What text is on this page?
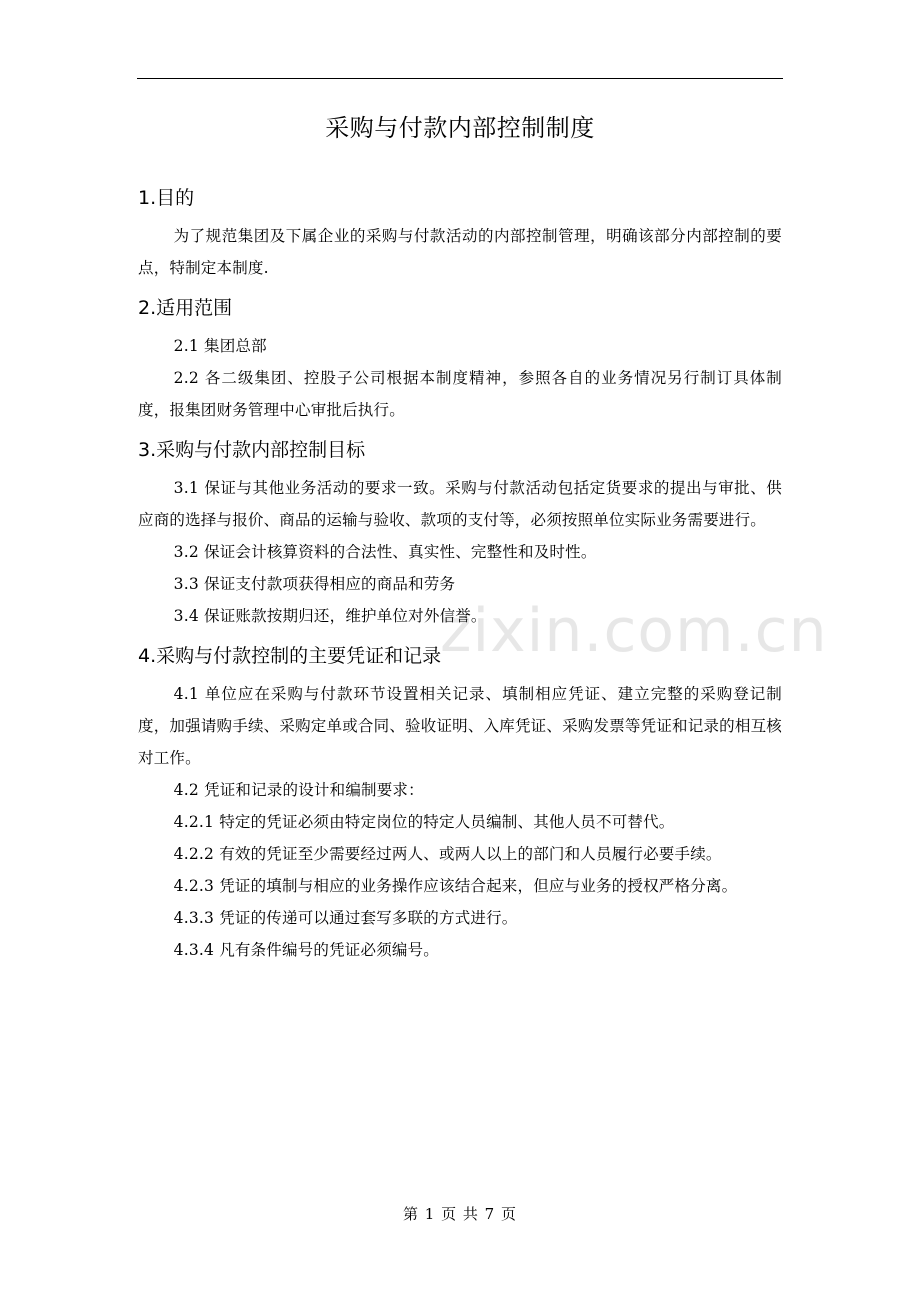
采购与付款内部控制制度
1.目的

为了规范集团及下属企业的采购与付款活动的内部控制管理，明确该部分内部控制的要点，特制定本制度.

2.适用范围

2.1 集团总部

2.2 各二级集团、控股子公司根据本制度精神，参照各自的业务情况另行制订具体制度，报集团财务管理中心审批后执行。

3.采购与付款内部控制目标

3.1 保证与其他业务活动的要求一致。采购与付款活动包括定货要求的提出与审批、供应商的选择与报价、商品的运输与验收、款项的支付等，必须按照单位实际业务需要进行。

3.2 保证会计核算资料的合法性、真实性、完整性和及时性。

3.3 保证支付款项获得相应的商品和劳务

3.4 保证账款按期归还，维护单位对外信誉。

4.采购与付款控制的主要凭证和记录

4.1 单位应在采购与付款环节设置相关记录、填制相应凭证、建立完整的采购登记制度，加强请购手续、采购定单或合同、验收证明、入库凭证、采购发票等凭证和记录的相互核对工作。

4.2 凭证和记录的设计和编制要求：

4.2.1 特定的凭证必须由特定岗位的特定人员编制、其他人员不可替代。

4.2.2 有效的凭证至少需要经过两人、或两人以上的部门和人员履行必要手续。

4.2.3 凭证的填制与相应的业务操作应该结合起来，但应与业务的授权严格分离。

4.3.3 凭证的传递可以通过套写多联的方式进行。

4.3.4 凡有条件编号的凭证必须编号。

zixin.com.cn
第 1 页 共 7 页
